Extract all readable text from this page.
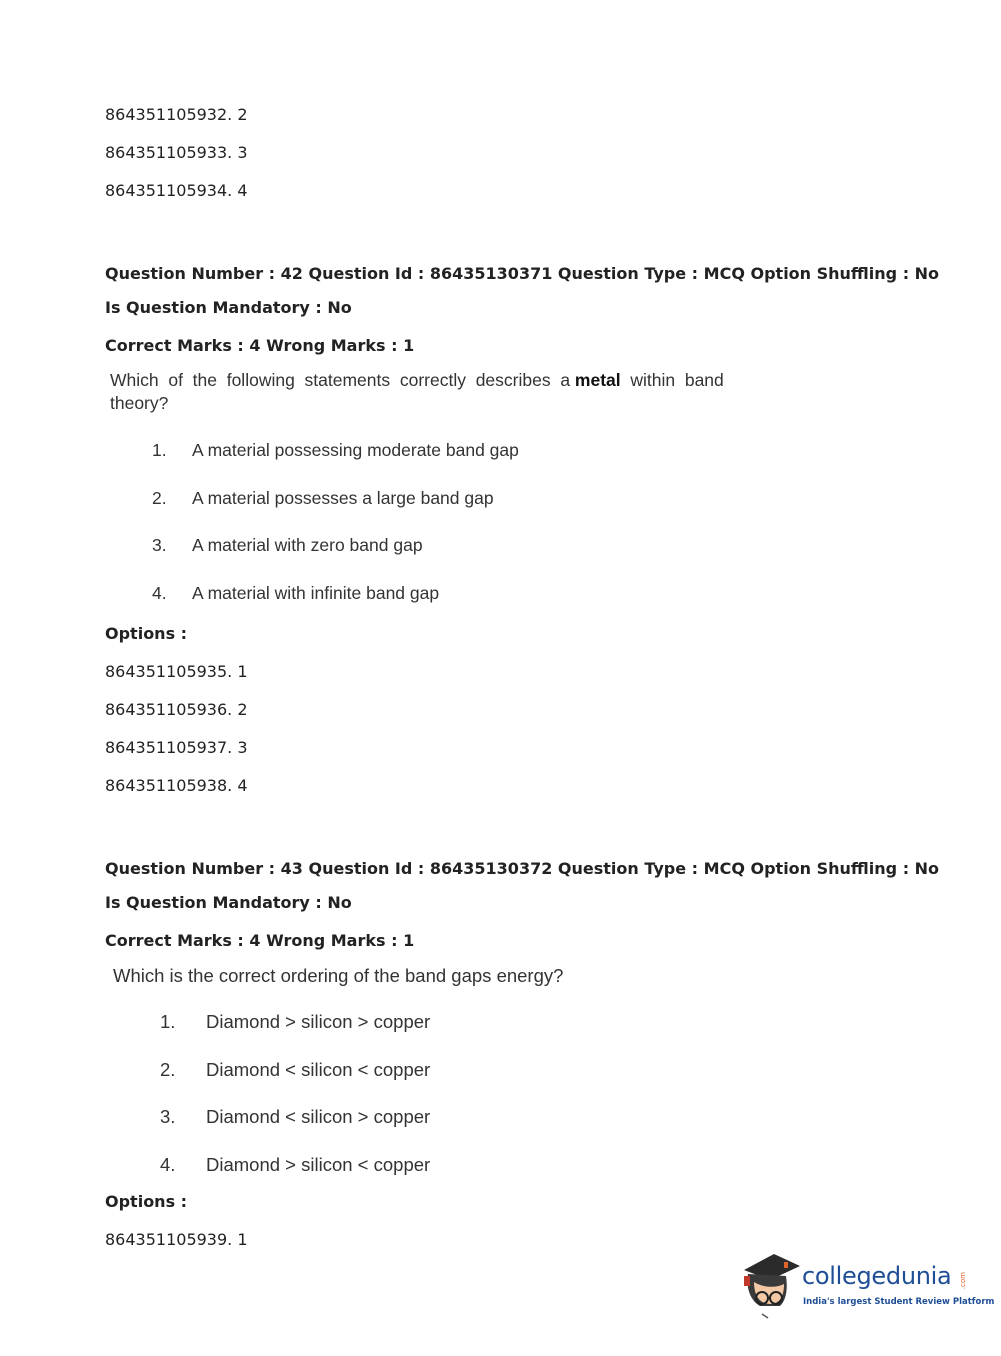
864351105932. 2
864351105933. 3
864351105934. 4
Question Number : 42 Question Id : 86435130371 Question Type : MCQ Option Shuffling : No
Is Question Mandatory : No
Correct Marks : 4 Wrong Marks : 1
Which  of  the  following  statements  correctly  describes  a metal  within  band
theory?
1. A material possessing moderate band gap
2. A material possesses a large band gap
3. A material with zero band gap
4. A material with infinite band gap
Options :
864351105935. 1
864351105936. 2
864351105937. 3
864351105938. 4
Question Number : 43 Question Id : 86435130372 Question Type : MCQ Option Shuffling : No
Is Question Mandatory : No
Correct Marks : 4 Wrong Marks : 1
Which is the correct ordering of the band gaps energy?
1. Diamond > silicon > copper
2. Diamond < silicon < copper
3. Diamond < silicon > copper
4. Diamond > silicon < copper
Options :
864351105939. 1
collegedunia .com
India's largest Student Review Platform
